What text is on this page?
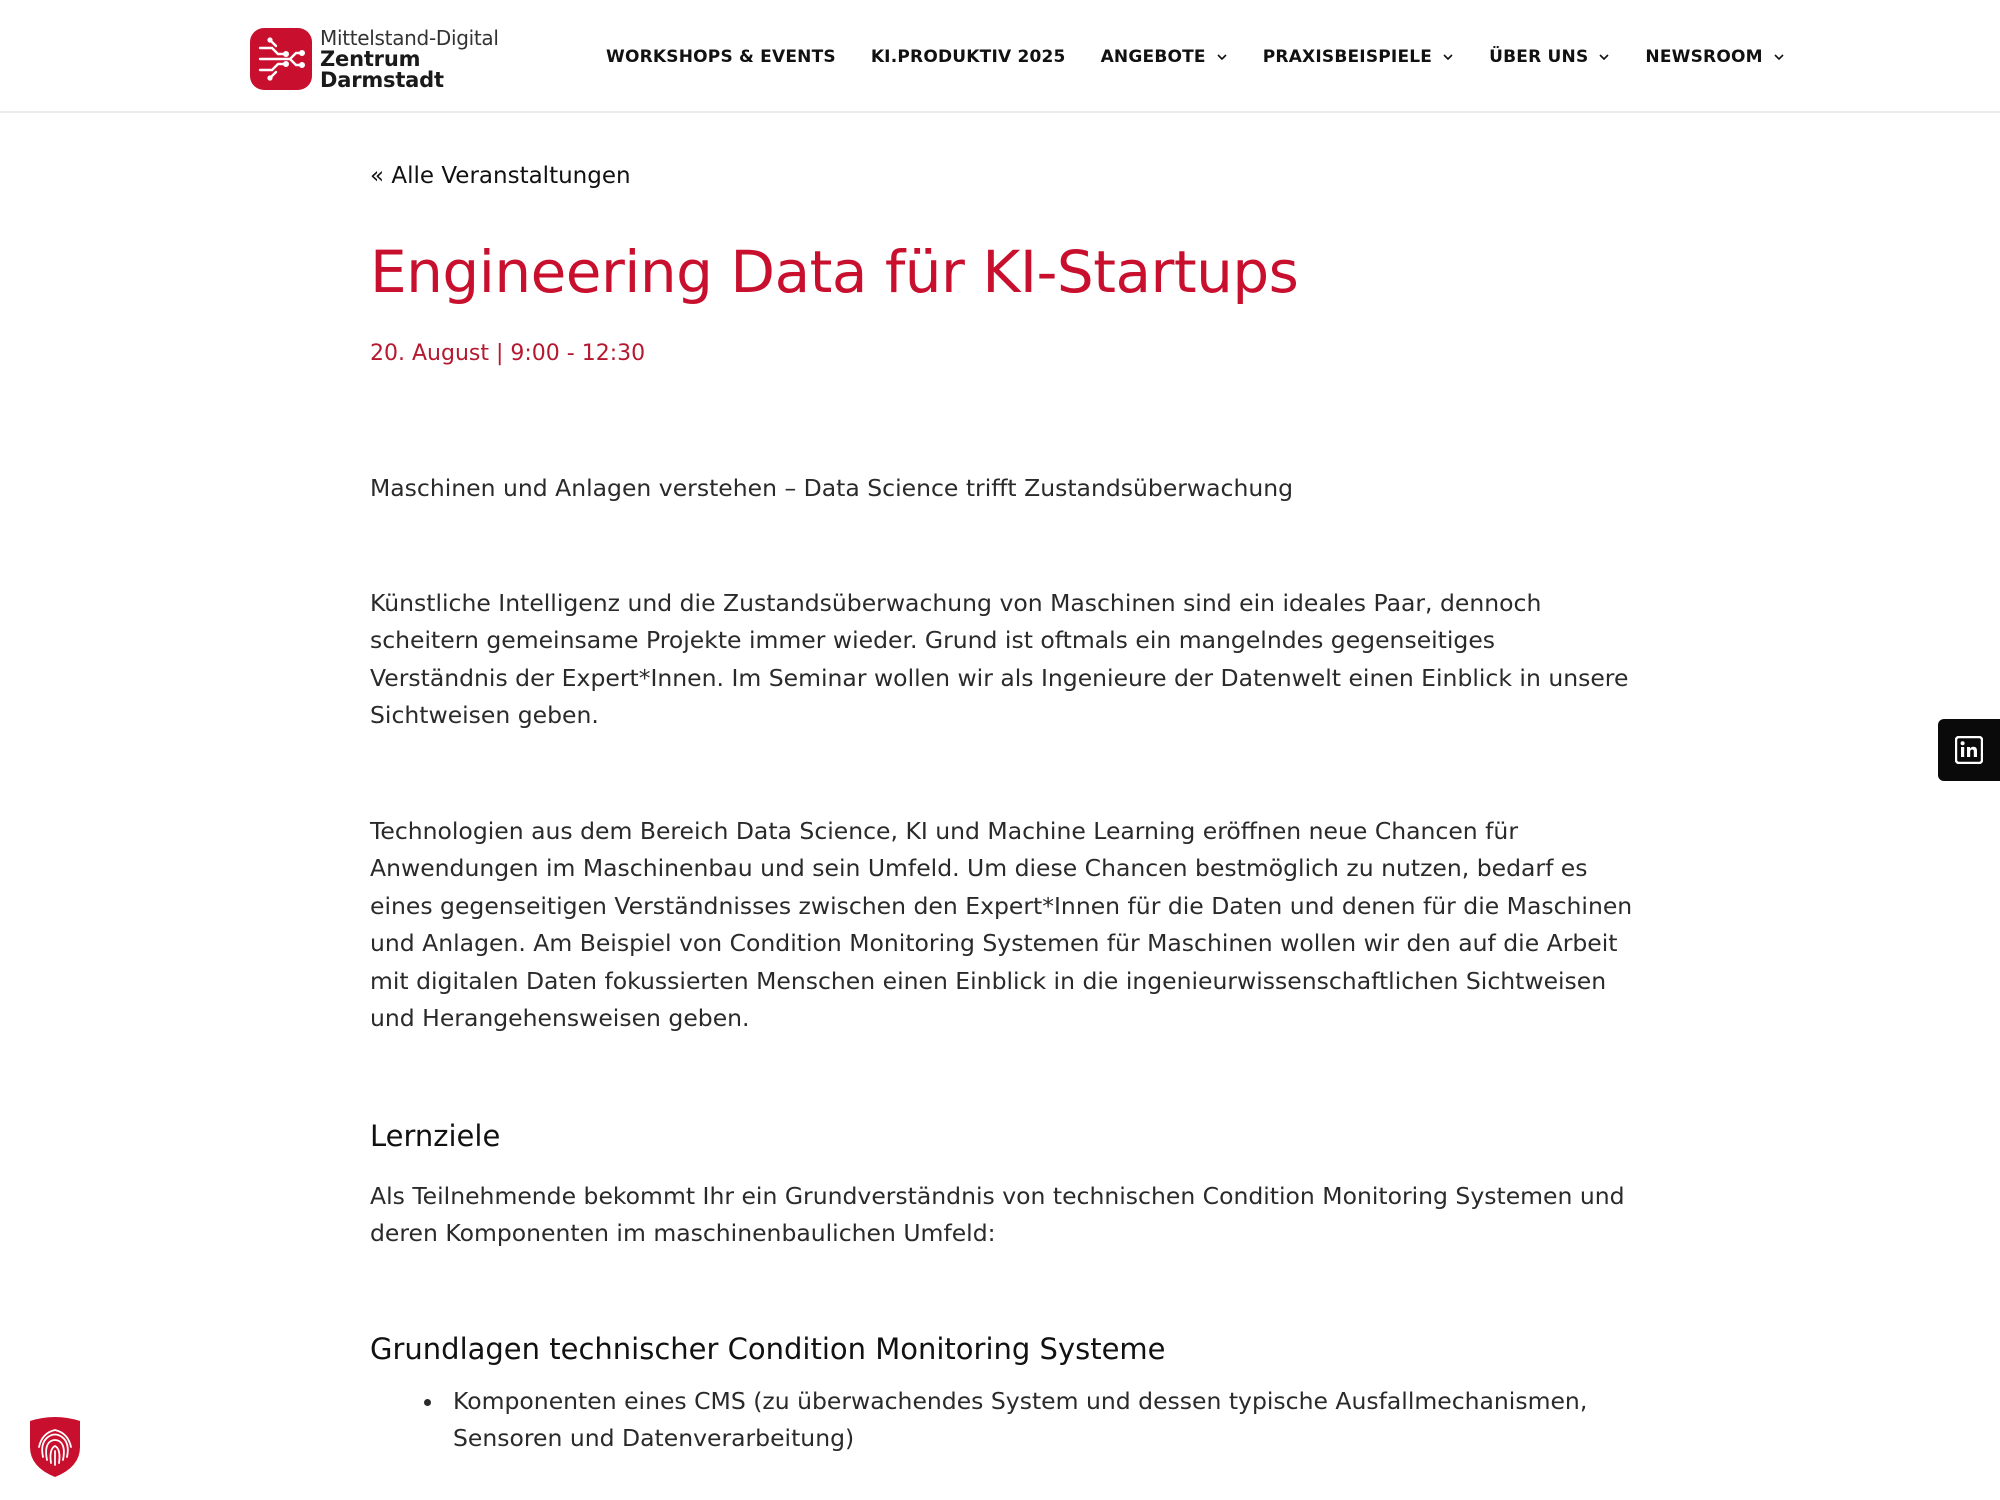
Mittelstand-Digital
Zentrum
Darmstadt
WORKSHOPS & EVENTS KI.PRODUKTIV 2025 ANGEBOTE	PRAXISBEISPIELE	ÜBER UNS	NEWSROOM
« Alle Veranstaltungen
Engineering Data für KI-Startups
20. August | 9:00 - 12:30

Maschinen und Anlagen verstehen – Data Science trifft Zustandsüberwachung

Künstliche Intelligenz und die Zustandsüberwachung von Maschinen sind ein ideales Paar, dennoch scheitern gemeinsame Projekte immer wieder. Grund ist oftmals ein mangelndes gegenseitiges Verständnis der Expert*Innen. Im Seminar wollen wir als Ingenieure der Datenwelt einen Einblick in unsere Sichtweisen geben.

Technologien aus dem Bereich Data Science, KI und Machine Learning eröffnen neue Chancen für Anwendungen im Maschinenbau und sein Umfeld. Um diese Chancen bestmöglich zu nutzen, bedarf es eines gegenseitigen Verständnisses zwischen den Expert*Innen für die Daten und denen für die Maschinen und Anlagen. Am Beispiel von Condition Monitoring Systemen für Maschinen wollen wir den auf die Arbeit mit digitalen Daten fokussierten Menschen einen Einblick in die ingenieurwissenschaftlichen Sichtweisen und Herangehensweisen geben.

Lernziele

Als Teilnehmende bekommt Ihr ein Grundverständnis von technischen Condition Monitoring Systemen und deren Komponenten im maschinenbaulichen Umfeld:

Grundlagen technischer Condition Monitoring Systeme
• Komponenten eines CMS (zu überwachendes System und dessen typische Ausfallmechanismen, Sensoren und Datenverarbeitung)
